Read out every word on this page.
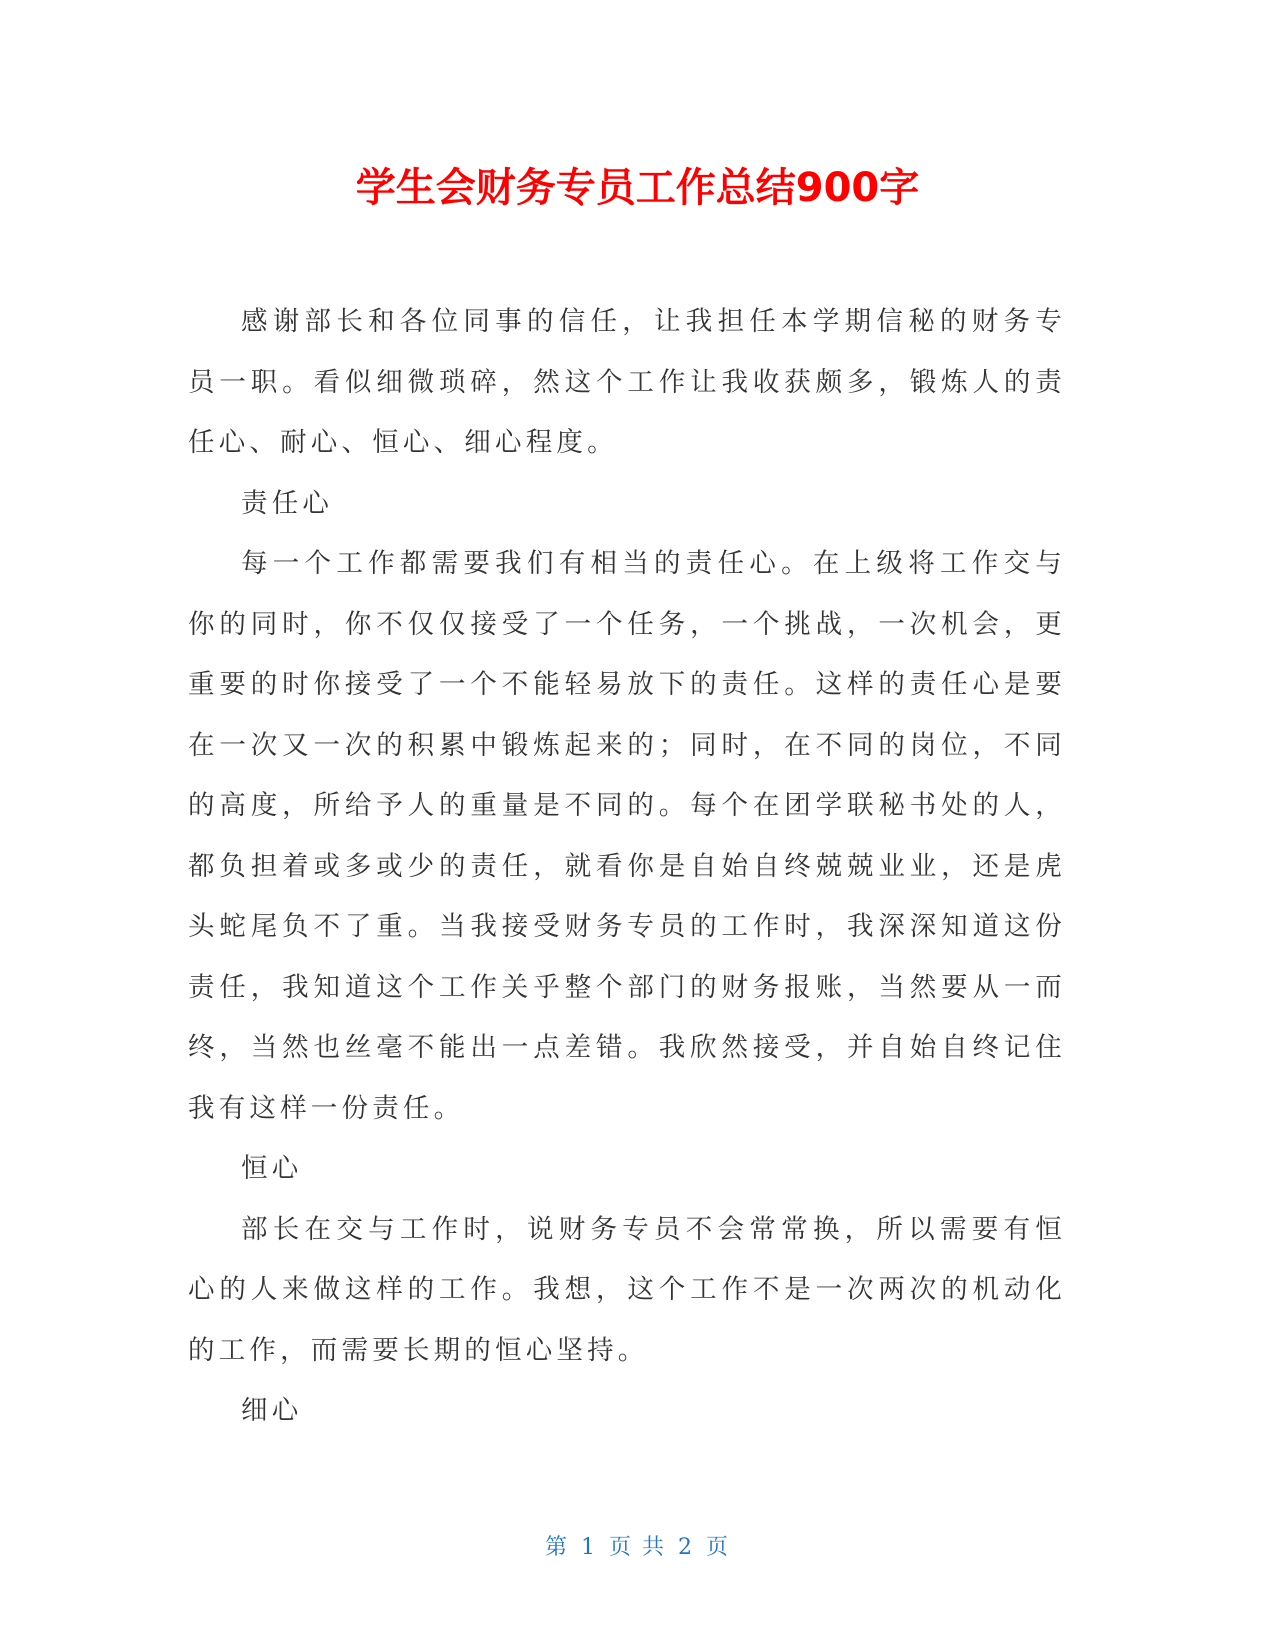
学生会财务专员工作总结900字

感谢部长和各位同事的信任，让我担任本学期信秘的财务专员一职。看似细微琐碎，然这个工作让我收获颇多，锻炼人的责任心、耐心、恒心、细心程度。

责任心

每一个工作都需要我们有相当的责任心。在上级将工作交与你的同时，你不仅仅接受了一个任务，一个挑战，一次机会，更重要的时你接受了一个不能轻易放下的责任。这样的责任心是要在一次又一次的积累中锻炼起来的；同时，在不同的岗位，不同的高度，所给予人的重量是不同的。每个在团学联秘书处的人，都负担着或多或少的责任，就看你是自始自终兢兢业业，还是虎头蛇尾负不了重。当我接受财务专员的工作时，我深深知道这份责任，我知道这个工作关乎整个部门的财务报账，当然要从一而终，当然也丝毫不能出一点差错。我欣然接受，并自始自终记住我有这样一份责任。

恒心

部长在交与工作时，说财务专员不会常常换，所以需要有恒心的人来做这样的工作。我想，这个工作不是一次两次的机动化的工作，而需要长期的恒心坚持。

细心

第 1 页 共 2 页
